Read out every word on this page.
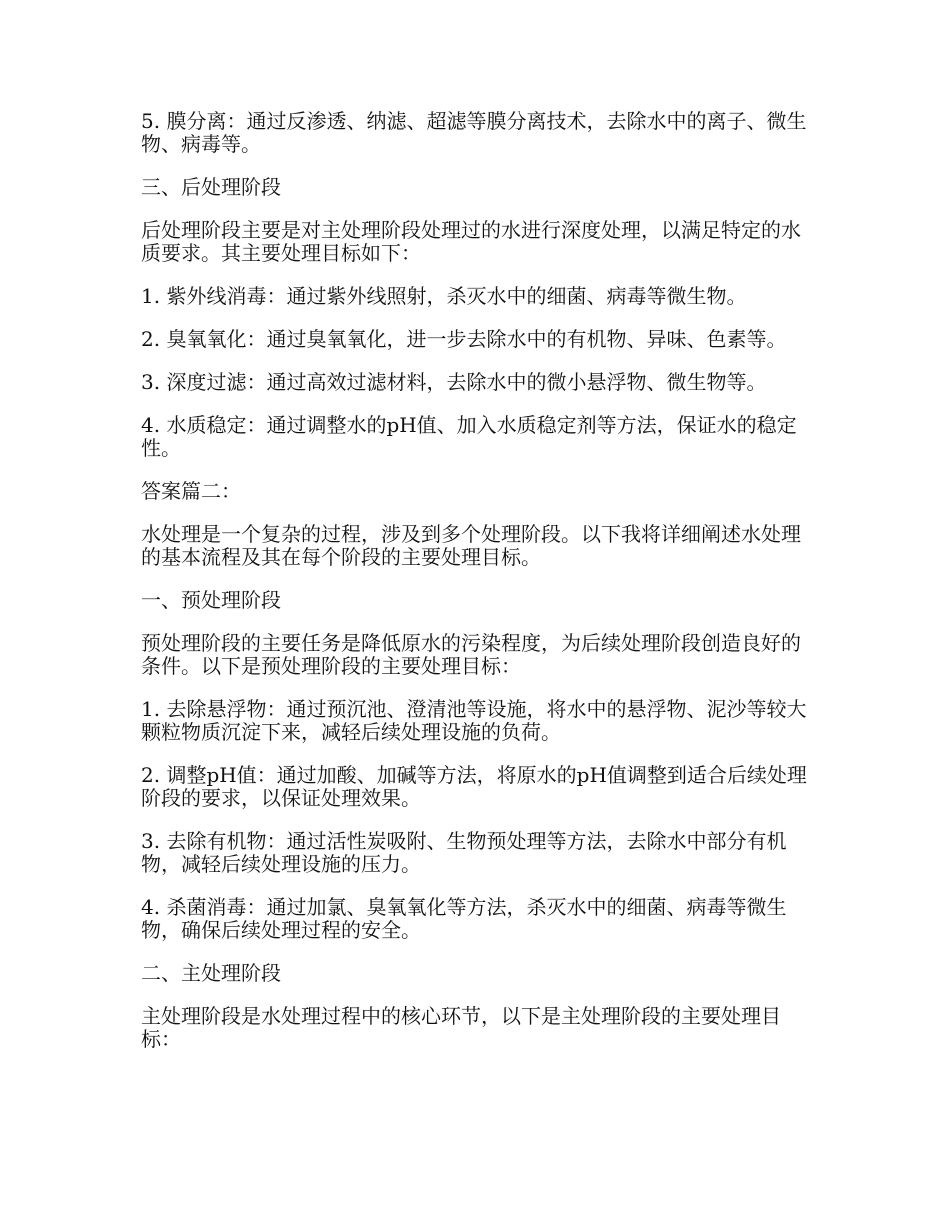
5. 膜分离：通过反渗透、纳滤、超滤等膜分离技术，去除水中的离子、微生物、病毒等。

三、后处理阶段

后处理阶段主要是对主处理阶段处理过的水进行深度处理，以满足特定的水质要求。其主要处理目标如下：

1. 紫外线消毒：通过紫外线照射，杀灭水中的细菌、病毒等微生物。

2. 臭氧氧化：通过臭氧氧化，进一步去除水中的有机物、异味、色素等。

3. 深度过滤：通过高效过滤材料，去除水中的微小悬浮物、微生物等。

4. 水质稳定：通过调整水的pH值、加入水质稳定剂等方法，保证水的稳定性。

答案篇二：

水处理是一个复杂的过程，涉及到多个处理阶段。以下我将详细阐述水处理的基本流程及其在每个阶段的主要处理目标。

一、预处理阶段

预处理阶段的主要任务是降低原水的污染程度，为后续处理阶段创造良好的条件。以下是预处理阶段的主要处理目标：

1. 去除悬浮物：通过预沉池、澄清池等设施，将水中的悬浮物、泥沙等较大颗粒物质沉淀下来，减轻后续处理设施的负荷。

2. 调整pH值：通过加酸、加碱等方法，将原水的pH值调整到适合后续处理阶段的要求，以保证处理效果。

3. 去除有机物：通过活性炭吸附、生物预处理等方法，去除水中部分有机物，减轻后续处理设施的压力。

4. 杀菌消毒：通过加氯、臭氧氧化等方法，杀灭水中的细菌、病毒等微生物，确保后续处理过程的安全。

二、主处理阶段

主处理阶段是水处理过程中的核心环节，以下是主处理阶段的主要处理目标：
